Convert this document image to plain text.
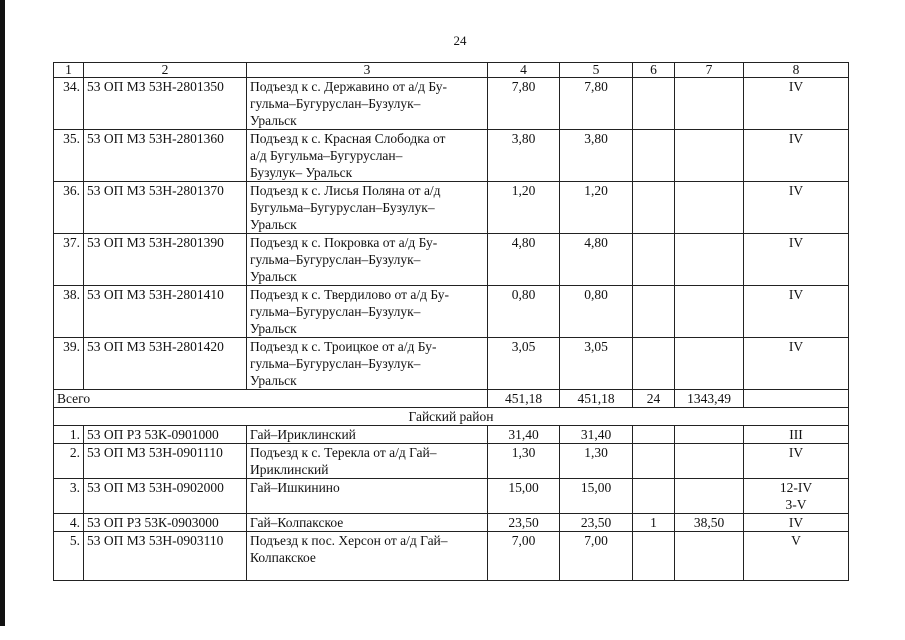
24
1	2	3	4	5	6	7	8
34.	53 ОП МЗ 53Н-2801350	Подъезд к с. Державино от а/д Бу-
гульма–Бугуруслан–Бузулук–
Уральск	7,80	7,80			IV

35.	53 ОП МЗ 53Н-2801360	Подъезд к с. Красная Слободка от
а/д Бугульма–Бугуруслан–
Бузулук– Уральск	3,80	3,80			IV

36.	53 ОП МЗ 53Н-2801370	Подъезд к с. Лисья Поляна от а/д
Бугульма–Бугуруслан–Бузулук–
Уральск	1,20	1,20			IV

37.	53 ОП МЗ 53Н-2801390	Подъезд к с. Покровка от а/д Бу-
гульма–Бугуруслан–Бузулук–
Уральск	4,80	4,80			IV

38.	53 ОП МЗ 53Н-2801410	Подъезд к с. Твердилово от а/д Бу-
гульма–Бугуруслан–Бузулук–
Уральск	0,80	0,80			IV

39.	53 ОП МЗ 53Н-2801420	Подъезд к с. Троицкое от а/д Бу-
гульма–Бугуруслан–Бузулук–
Уральск	3,05	3,05			IV

Всего			451,18	451,18	24	1343,49	
Гайский район							
1.	53 ОП РЗ 53К-0901000	Гай–Ириклинский	31,40	31,40			III

2.	53 ОП МЗ 53Н-0901110	Подъезд к с. Терекла от а/д Гай–
Ириклинский	1,30	1,30			IV

3.	53 ОП МЗ 53Н-0902000	Гай–Ишкинино	15,00	15,00			12-IV
3-V

4.	53 ОП РЗ 53К-0903000	Гай–Колпакское	23,50	23,50	1	38,50	IV

5.	53 ОП МЗ 53Н-0903110	Подъезд к пос. Херсон от а/д Гай–
Колпакское	7,00	7,00			V
